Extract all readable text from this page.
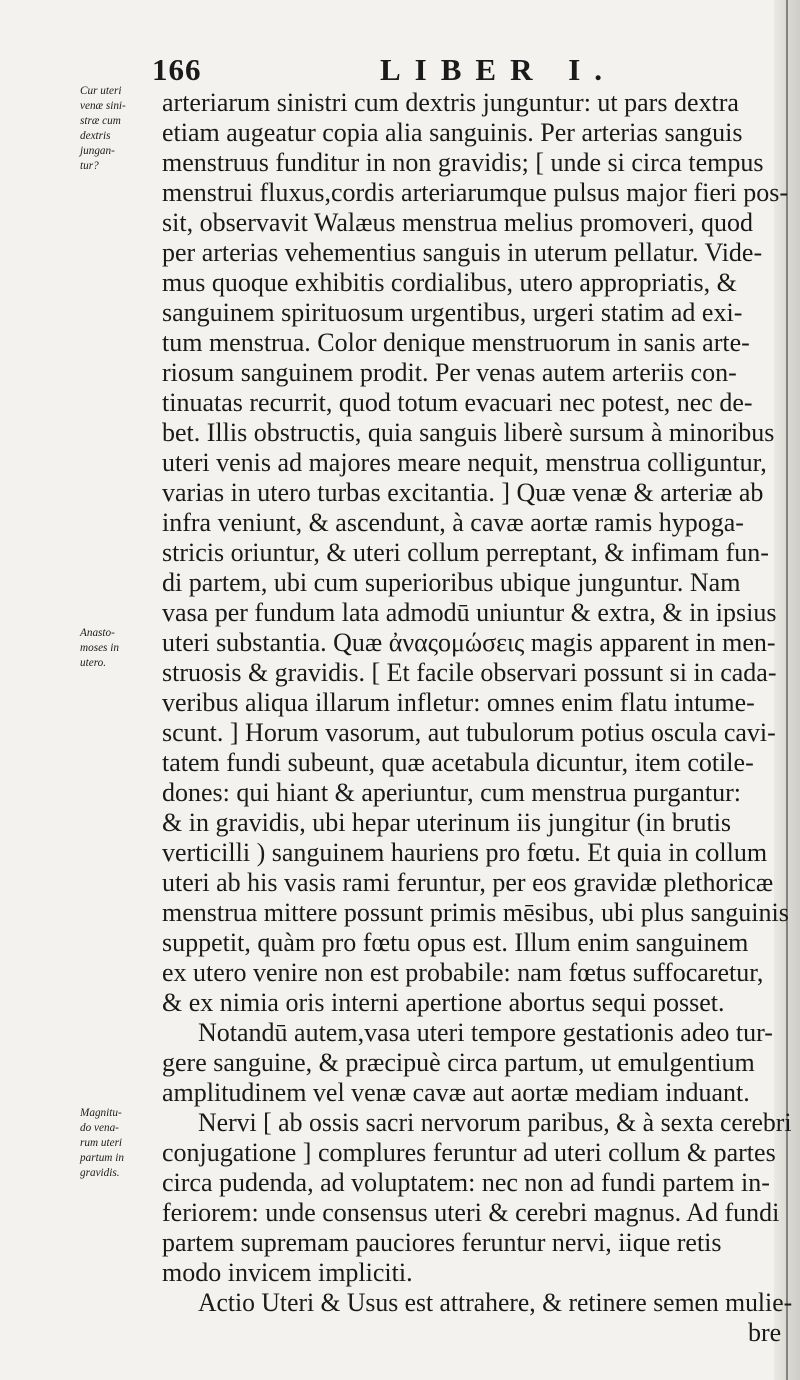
166	LIBER I.
Cur uteri
venæ sini-
stræ cum
dextris
jungan-
tur?
Anasto-
moses in
utero.
Magnitu-
do vena-
rum uteri
partum in
gravidis.
arteriarum sinistri cum dextris junguntur: ut pars dextra
etiam augeatur copia alia sanguinis. Per arterias sanguis
menstruus funditur in non gravidis; [ unde si circa tempus
menstrui fluxus,cordis arteriarumque pulsus major fieri pos-
sit, observavit Walæus menstrua melius promoveri, quod
per arterias vehementius sanguis in uterum pellatur. Vide-
mus quoque exhibitis cordialibus, utero appropriatis, &
sanguinem spirituosum urgentibus, urgeri statim ad exi-
tum menstrua. Color denique menstruorum in sanis arte-
riosum sanguinem prodit. Per venas autem arteriis con-
tinuatas recurrit, quod totum evacuari nec potest, nec de-
bet. Illis obstructis, quia sanguis liberè sursum à minoribus
uteri venis ad majores meare nequit, menstrua colliguntur,
varias in utero turbas excitantia. ] Quæ venæ & arteriæ ab
infra veniunt, & ascendunt, à cavæ aortæ ramis hypoga-
stricis oriuntur, & uteri collum perreptant, & infimam fun-
di partem, ubi cum superioribus ubique junguntur. Nam
vasa per fundum lata admodū uniuntur & extra, & in ipsius
uteri substantia. Quæ ἀναςομώσεις magis apparent in men-
struosis & gravidis. [ Et facile observari possunt si in cada-
veribus aliqua illarum infletur: omnes enim flatu intume-
scunt. ] Horum vasorum, aut tubulorum potius oscula cavi-
tatem fundi subeunt, quæ acetabula dicuntur, item cotile-
dones: qui hiant & aperiuntur, cum menstrua purgantur:
& in gravidis, ubi hepar uterinum iis jungitur (in brutis
verticilli ) sanguinem hauriens pro fœtu. Et quia in collum
uteri ab his vasis rami feruntur, per eos gravidæ plethoricæ
menstrua mittere possunt primis mēsibus, ubi plus sanguinis
suppetit, quàm pro fœtu opus est. Illum enim sanguinem
ex utero venire non est probabile: nam fœtus suffocaretur,
& ex nimia oris interni apertione abortus sequi posset.
Notandū autem,vasa uteri tempore gestationis adeo tur-
gere sanguine, & præcipuè circa partum, ut emulgentium
amplitudinem vel venæ cavæ aut aortæ mediam induant.
Nervi [ ab ossis sacri nervorum paribus, & à sexta cerebri
conjugatione ] complures feruntur ad uteri collum & partes
circa pudenda, ad voluptatem: nec non ad fundi partem in-
feriorem: unde consensus uteri & cerebri magnus. Ad fundi
partem supremam pauciores feruntur nervi, iique retis
modo invicem impliciti.
Actio Uteri & Usus est attrahere, & retinere semen mulie-
bre
